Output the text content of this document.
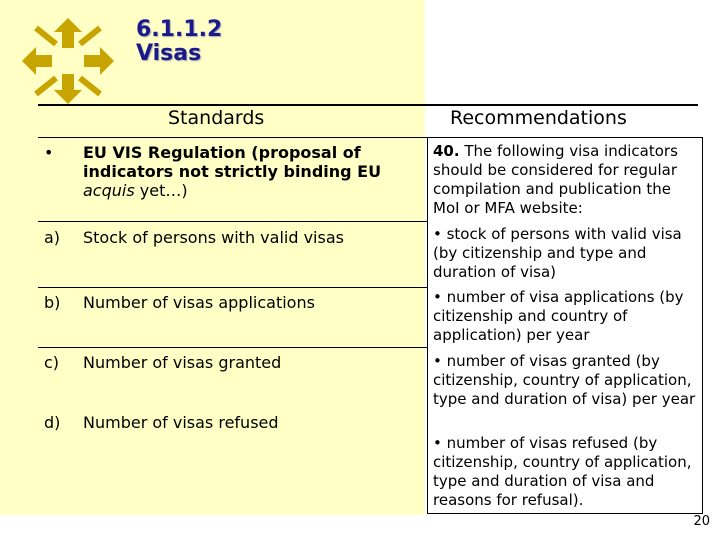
6.1.1.2
Visas
Standards	Recommendations
• EU VIS Regulation (proposal of indicators not strictly binding EU acquis yet…)
a) Stock of persons with valid visas
b) Number of visas applications
c) Number of visas granted
d) Number of visas refused
40. The following visa indicators should be considered for regular compilation and publication the MoI or MFA website:
• stock of persons with valid visa (by citizenship and type and duration of visa)
• number of visa applications (by citizenship and country of application) per year
• number of visas granted (by citizenship, country of application, type and duration of visa) per year
• number of visas refused (by citizenship, country of application, type and duration of visa and reasons for refusal).
20
